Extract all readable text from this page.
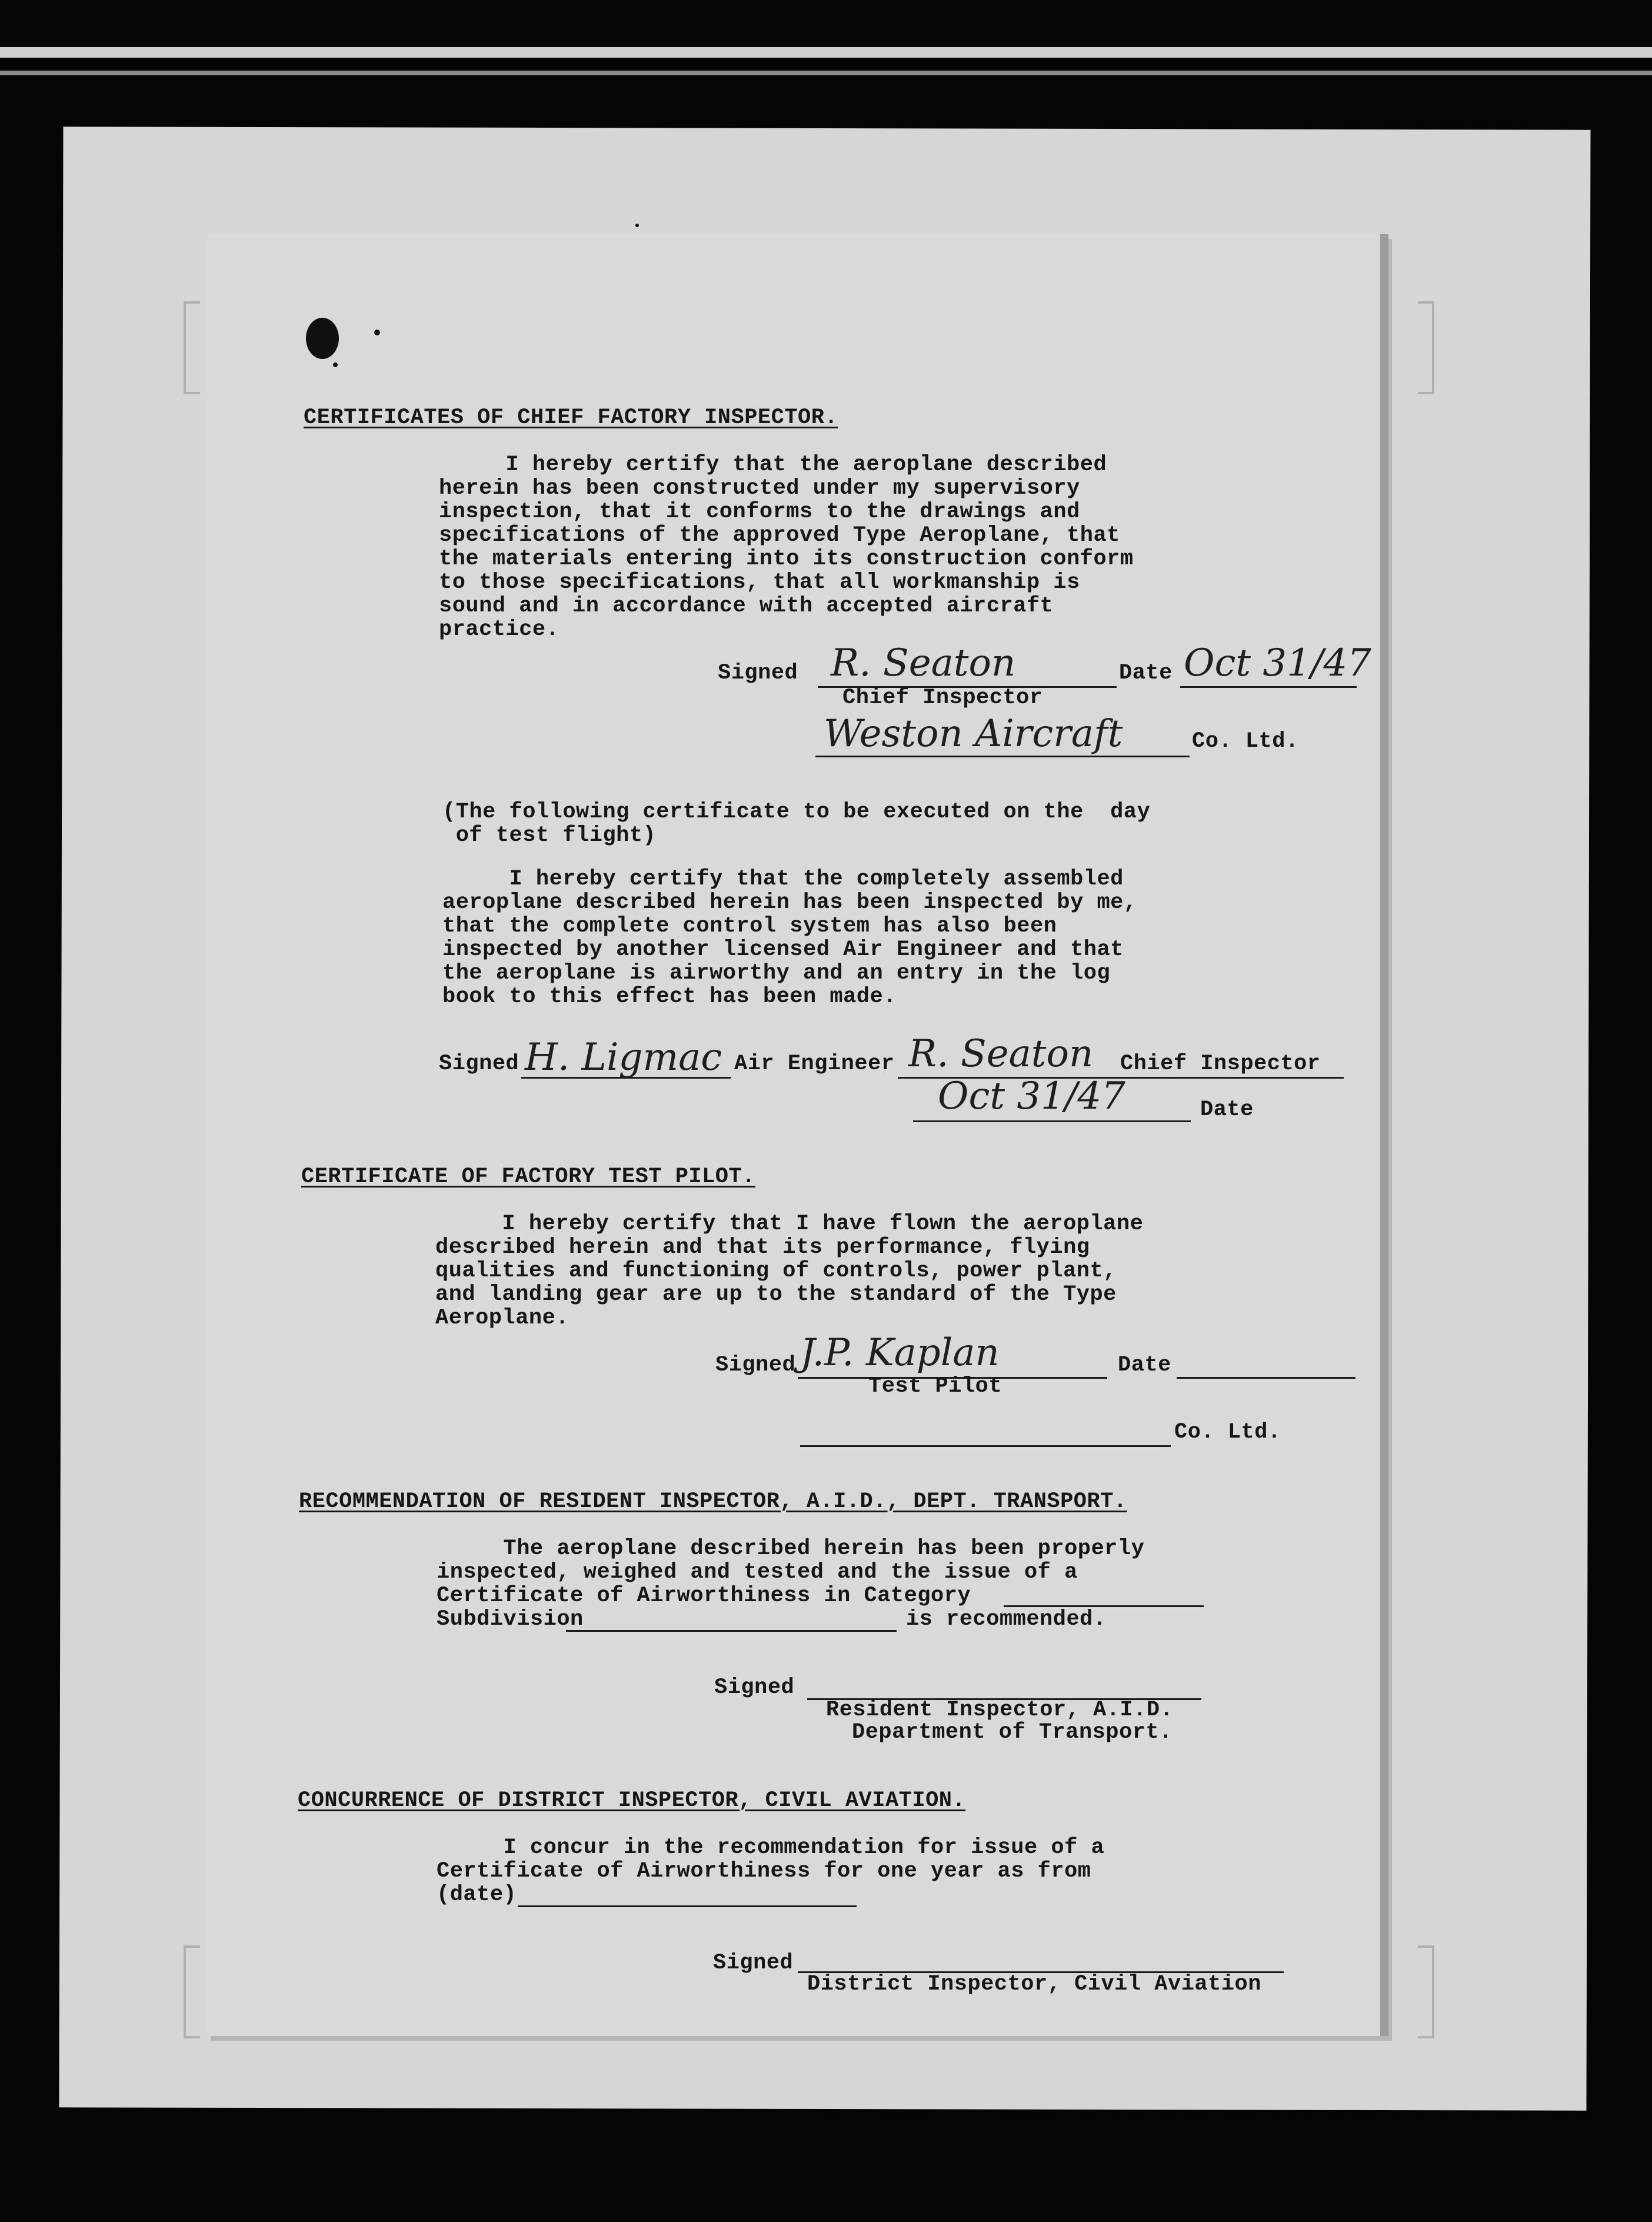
CERTIFICATES OF CHIEF FACTORY INSPECTOR.
I hereby certify that the aeroplane described
herein has been constructed under my supervisory
inspection, that it conforms to the drawings and
specifications of the approved Type Aeroplane, that
the materials entering into its construction conform
to those specifications, that all workmanship is
sound and in accordance with accepted aircraft
practice.
Signed R. Seaton	Date Oct 31/47
Chief Inspector
Weston Aircraft	Co. Ltd.
(The following certificate to be executed on the  day
of test flight)
I hereby certify that the completely assembled
aeroplane described herein has been inspected by me,
that the complete control system has also been
inspected by another licensed Air Engineer and that
the aeroplane is airworthy and an entry in the log
book to this effect has been made.
Signed H. Ligmac Air Engineer R. Seaton Chief Inspector
Oct 31/47	Date
CERTIFICATE OF FACTORY TEST PILOT.
I hereby certify that I have flown the aeroplane
described herein and that its performance, flying
qualities and functioning of controls, power plant,
and landing gear are up to the standard of the Type
Aeroplane.
Signed J.P. Kaplan
Test Pilot
Date
Co. Ltd.
RECOMMENDATION OF RESIDENT INSPECTOR, A.I.D., DEPT. TRANSPORT.
The aeroplane described herein has been properly
inspected, weighed and tested and the issue of a
Certificate of Airworthiness in Category
Subdivision	is recommended.
Signed
Resident Inspector, A.I.D.
Department of Transport.
CONCURRENCE OF DISTRICT INSPECTOR, CIVIL AVIATION.
I concur in the recommendation for issue of a
Certificate of Airworthiness for one year as from
(date)
Signed
District Inspector, Civil Aviation
